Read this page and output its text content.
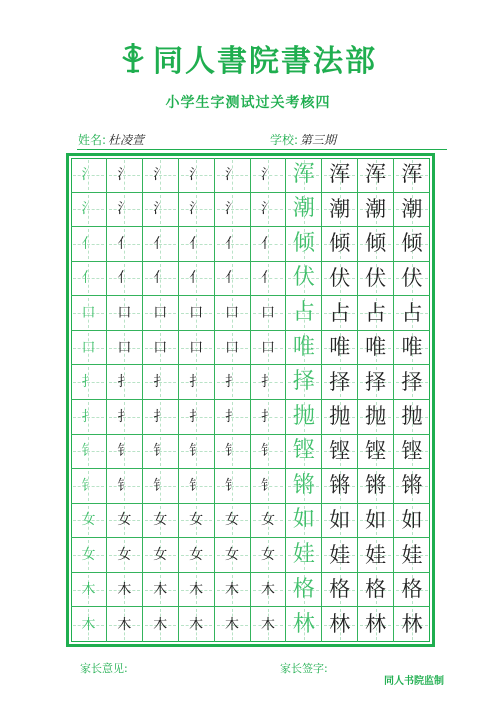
同人書院書法部
小学生字测试过关考核四
姓名: 杜凌萱	学校: 第三期
氵 氵 氵 氵 氵 氵 浑 浑 浑 浑
氵 氵 氵 氵 氵 氵 潮 潮 潮 潮
亻 亻 亻 亻 亻 亻 倾 倾 倾 倾
亻 亻 亻 亻 亻 亻 伏 伏 伏 伏
口 口 口 口 口 口 占 占 占 占
口 口 口 口 口 口 唯 唯 唯 唯
扌 扌 扌 扌 扌 扌 择 择 择 择
扌 扌 扌 扌 扌 扌 抛 抛 抛 抛
钅 钅 钅 钅 钅 钅 铿 铿 铿 铿
钅 钅 钅 钅 钅 钅 锵 锵 锵 锵
女 女 女 女 女 女 如 如 如 如
女 女 女 女 女 女 娃 娃 娃 娃
木 木 木 木 木 木 格 格 格 格
木 木 木 木 木 木 林 林 林 林
家长意见:	家长签字:
同人书院监制
